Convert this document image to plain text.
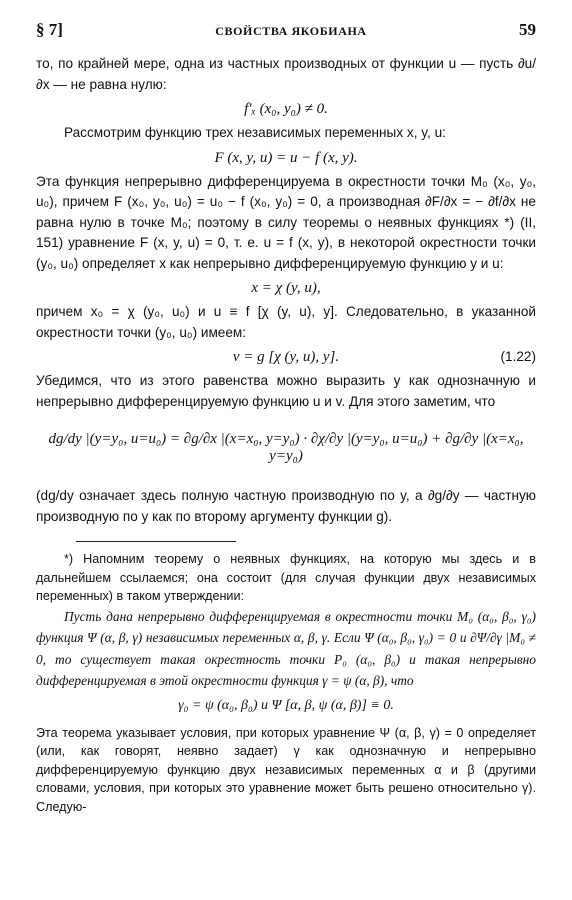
§ 7]	СВОЙСТВА ЯКОБИАНА	59

то, по крайней мере, одна из частных производных от функции u — пусть ∂u/∂x — не равна нулю:

f′ₓ (x₀, y₀) ≠ 0.

Рассмотрим функцию трех независимых переменных x, y, u:

F (x, y, u) = u − f (x, y).

Эта функция непрерывно дифференцируема в окрестности точки M₀ (x₀, y₀, u₀), причем F (x₀, y₀, u₀) = u₀ − f (x₀, y₀) = 0, а производная ∂F/∂x = − ∂f/∂x не равна нулю в точке M₀; поэтому в силу теоремы о неявных функциях *) (II, 151) уравнение F (x, y, u) = 0, т. е. u = f (x, y), в некоторой окрестности точки (y₀, u₀) определяет x как непрерывно дифференцируемую функцию y и u:

x = χ (y, u),

причем x₀ = χ (y₀, u₀) и u ≡ f [χ (y, u), y]. Следовательно, в указанной окрестности точки (y₀, u₀) имеем:

v = g [χ (y, u), y].	(1.22)

Убедимся, что из этого равенства можно выразить y как однозначную и непрерывно дифференцируемую функцию u и v. Для этого заметим, что

dg/dy |(y=y₀, u=u₀) = ∂g/∂x |(x=x₀, y=y₀) · ∂χ/∂y |(y=y₀, u=u₀) + ∂g/∂y |(x=x₀, y=y₀)

(dg/dy означает здесь полную частную производную по y, а ∂g/∂y — частную производную по y как по второму аргументу функции g).

*) Напомним теорему о неявных функциях, на которую мы здесь и в дальнейшем ссылаемся; она состоит (для случая функции двух независимых переменных) в таком утверждении:

Пусть дана непрерывно дифференцируемая в окрестности точки M₀ (α₀, β₀, γ₀) функция Ψ (α, β, γ) независимых переменных α, β, γ. Если Ψ (α₀, β₀, γ₀) = 0 и ∂Ψ/∂γ |M₀ ≠ 0, то существует такая окрестность точки P₀ (α₀, β₀) и такая непрерывно дифференцируемая в этой окрестности функция γ = ψ (α, β), что

γ₀ = ψ (α₀, β₀) и Ψ [α, β, ψ (α, β)] ≡ 0.

Эта теорема указывает условия, при которых уравнение Ψ (α, β, γ) = 0 определяет (или, как говорят, неявно задает) γ как однозначную и непрерывно дифференцируемую функцию двух независимых переменных α и β (другими словами, условия, при которых это уравнение может быть решено относительно γ). Следую-
